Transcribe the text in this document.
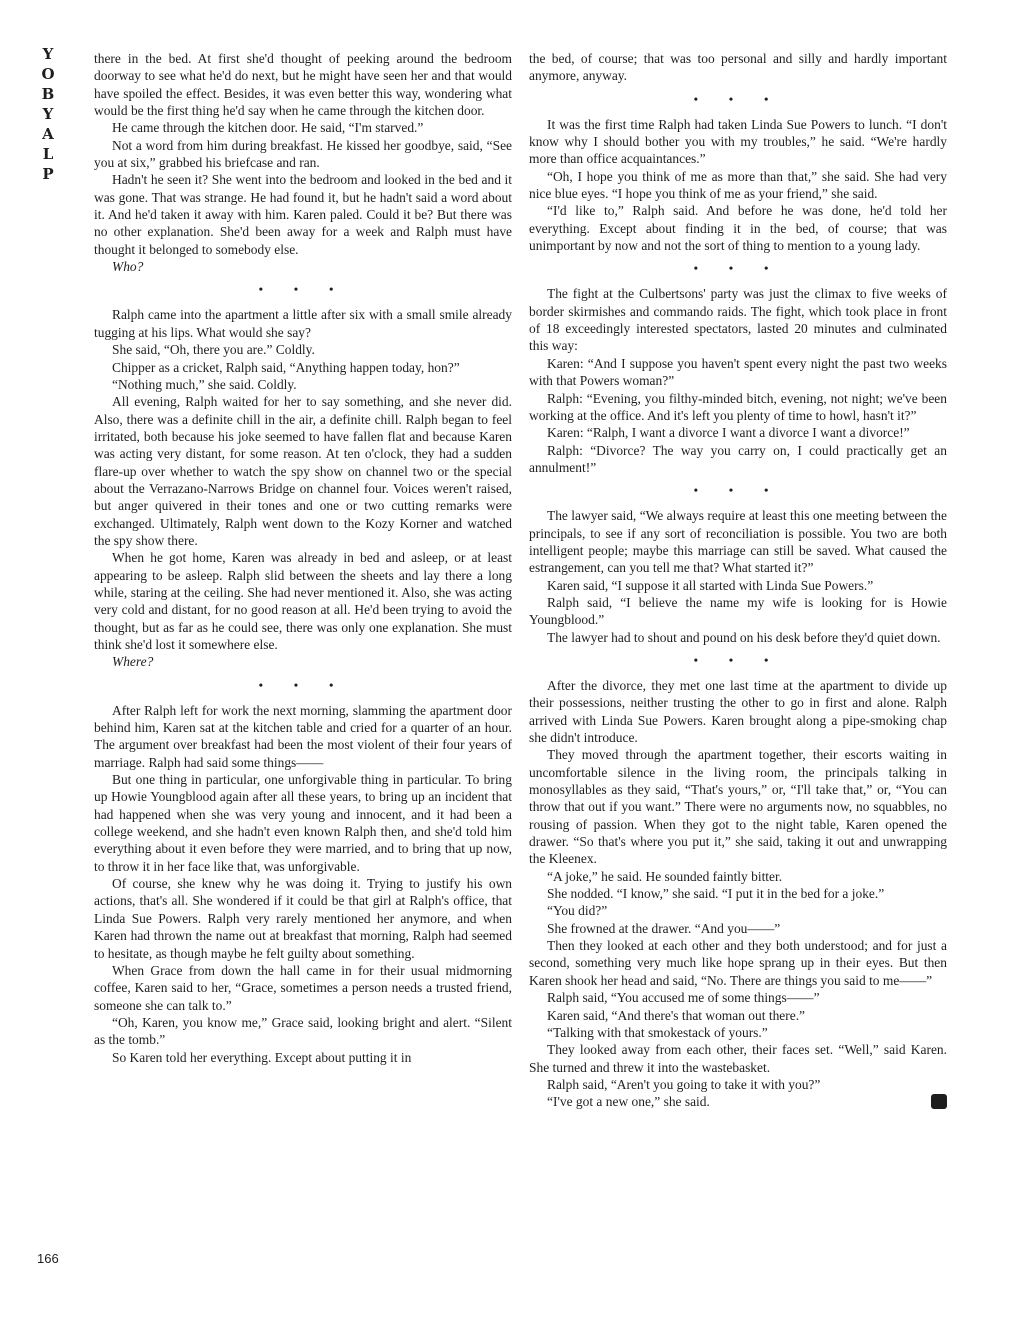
Y
O
B
Y
A
L
P
166

there in the bed. At first she'd thought of peeking around the bedroom doorway to see what he'd do next, but he might have seen her and that would have spoiled the effect. Besides, it was even better this way, wondering what would be the first thing he'd say when he came through the kitchen door.

He came through the kitchen door. He said, “I'm starved.”

Not a word from him during breakfast. He kissed her goodbye, said, “See you at six,” grabbed his briefcase and ran.

Hadn't he seen it? She went into the bedroom and looked in the bed and it was gone. That was strange. He had found it, but he hadn't said a word about it. And he'd taken it away with him. Karen paled. Could it be? But there was no other explanation. She'd been away for a week and Ralph must have thought it belonged to somebody else.

Who?

• • •

Ralph came into the apartment a little after six with a small smile already tugging at his lips. What would she say?

She said, “Oh, there you are.” Coldly.

Chipper as a cricket, Ralph said, “Anything happen today, hon?”

“Nothing much,” she said. Coldly.

All evening, Ralph waited for her to say something, and she never did. Also, there was a definite chill in the air, a definite chill. Ralph began to feel irritated, both because his joke seemed to have fallen flat and because Karen was acting very distant, for some reason. At ten o'clock, they had a sudden flare-up over whether to watch the spy show on channel two or the special about the Verrazano-Narrows Bridge on channel four. Voices weren't raised, but anger quivered in their tones and one or two cutting remarks were exchanged. Ultimately, Ralph went down to the Kozy Korner and watched the spy show there.

When he got home, Karen was already in bed and asleep, or at least appearing to be asleep. Ralph slid between the sheets and lay there a long while, staring at the ceiling. She had never mentioned it. Also, she was acting very cold and distant, for no good reason at all. He'd been trying to avoid the thought, but as far as he could see, there was only one explanation. She must think she'd lost it somewhere else.

Where?

• • •

After Ralph left for work the next morning, slamming the apartment door behind him, Karen sat at the kitchen table and cried for a quarter of an hour. The argument over breakfast had been the most violent of their four years of marriage. Ralph had said some things——

But one thing in particular, one unforgivable thing in particular. To bring up Howie Youngblood again after all these years, to bring up an incident that had happened when she was very young and innocent, and it had been a college weekend, and she hadn't even known Ralph then, and she'd told him everything about it even before they were married, and to bring that up now, to throw it in her face like that, was unforgivable.

Of course, she knew why he was doing it. Trying to justify his own actions, that's all. She wondered if it could be that girl at Ralph's office, that Linda Sue Powers. Ralph very rarely mentioned her anymore, and when Karen had thrown the name out at breakfast that morning, Ralph had seemed to hesitate, as though maybe he felt guilty about something.

When Grace from down the hall came in for their usual midmorning coffee, Karen said to her, “Grace, sometimes a person needs a trusted friend, someone she can talk to.”

“Oh, Karen, you know me,” Grace said, looking bright and alert. “Silent as the tomb.”

So Karen told her everything. Except about putting it in

the bed, of course; that was too personal and silly and hardly important anymore, anyway.

• • •

It was the first time Ralph had taken Linda Sue Powers to lunch. “I don't know why I should bother you with my troubles,” he said. “We're hardly more than office acquaintances.”

“Oh, I hope you think of me as more than that,” she said. She had very nice blue eyes. “I hope you think of me as your friend,” she said.

“I'd like to,” Ralph said. And before he was done, he'd told her everything. Except about finding it in the bed, of course; that was unimportant by now and not the sort of thing to mention to a young lady.

• • •

The fight at the Culbertsons' party was just the climax to five weeks of border skirmishes and commando raids. The fight, which took place in front of 18 exceedingly interested spectators, lasted 20 minutes and culminated this way:

Karen: “And I suppose you haven't spent every night the past two weeks with that Powers woman?”

Ralph: “Evening, you filthy-minded bitch, evening, not night; we've been working at the office. And it's left you plenty of time to howl, hasn't it?”

Karen: “Ralph, I want a divorce I want a divorce I want a divorce!”

Ralph: “Divorce? The way you carry on, I could practically get an annulment!”

• • •

The lawyer said, “We always require at least this one meeting between the principals, to see if any sort of reconciliation is possible. You two are both intelligent people; maybe this marriage can still be saved. What caused the estrangement, can you tell me that? What started it?”

Karen said, “I suppose it all started with Linda Sue Powers.”

Ralph said, “I believe the name my wife is looking for is Howie Youngblood.”

The lawyer had to shout and pound on his desk before they'd quiet down.

• • •

After the divorce, they met one last time at the apartment to divide up their possessions, neither trusting the other to go in first and alone. Ralph arrived with Linda Sue Powers. Karen brought along a pipe-smoking chap she didn't introduce.

They moved through the apartment together, their escorts waiting in uncomfortable silence in the living room, the principals talking in monosyllables as they said, “That's yours,” or, “I'll take that,” or, “You can throw that out if you want.” There were no arguments now, no squabbles, no rousing of passion. When they got to the night table, Karen opened the drawer. “So that's where you put it,” she said, taking it out and unwrapping the Kleenex.

“A joke,” he said. He sounded faintly bitter.

She nodded. “I know,” she said. “I put it in the bed for a joke.”

“You did?”

She frowned at the drawer. “And you——”

Then they looked at each other and they both understood; and for just a second, something very much like hope sprang up in their eyes. But then Karen shook her head and said, “No. There are things you said to me——”

Ralph said, “You accused me of some things——”

Karen said, “And there's that woman out there.”

“Talking with that smokestack of yours.”

They looked away from each other, their faces set. “Well,” said Karen. She turned and threw it into the wastebasket.

Ralph said, “Aren't you going to take it with you?”

“I've got a new one,” she said.	●
